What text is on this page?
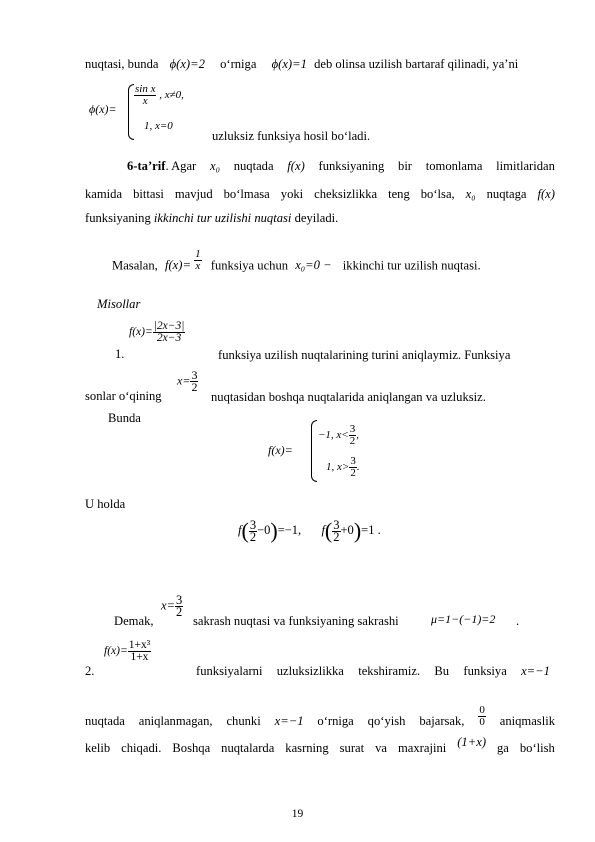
nuqtasi, bunda ϕ(x)=2 o‘rniga ϕ(x)=1 deb olinsa uzilish bartaraf qilinadi, ya’ni
ϕ(x)=
$\frac{\text{sin x}}{x}$ , x≠0,
1, x=0
uzluksiz funksiya hosil bo‘ladi.
6-ta’rif. Agar x₀ nuqtada f(x) funksiyaning bir tomonlama limitlaridan
kamida bittasi mavjud bo‘lmasa yoki cheksizlikka teng bo‘lsa, x₀ nuqtaga f(x)
funksiyaning ikkinchi tur uzilishi nuqtasi deyiladi.
Masalan, $f(x)= \frac{1}{x}$ funksiya uchun x₀=0 − ikkinchi tur uzilish nuqtasi.
Misollar
1.
$f(x)= \frac{|2x-3|}{2x-3}$
funksiya uzilish nuqtalarining turini aniqlaymiz. Funksiya
sonlar o‘qining
$x= \frac{3}{2}$
nuqtasidan boshqa nuqtalarida aniqlangan va uzluksiz.
Bunda
f(x)=
−1, $x< \frac{3}{2}$ ,
1, $x> \frac{3}{2}$ .
U holda
$f( \frac{3}{2} -0)=-1$, $f( \frac{3}{2} +0)=1$ .
Demak,
$x= \frac{3}{2}$
sakrash nuqtasi va funksiyaning sakrashi	μ=1−(−1)=2 .
2.
$f(x)= \frac{\text{1+x³}}{1+x}$
funksiyalarni uzluksizlikka tekshiramiz. Bu funksiya x=−1
nuqtada aniqlanmagan, chunki x=−1 o‘rniga qo‘yish bajarsak, $\frac{0}{0}$ aniqmaslik
kelib chiqadi. Boshqa nuqtalarda kasrning surat va maxrajini (1+x) ga bo‘lish
19
